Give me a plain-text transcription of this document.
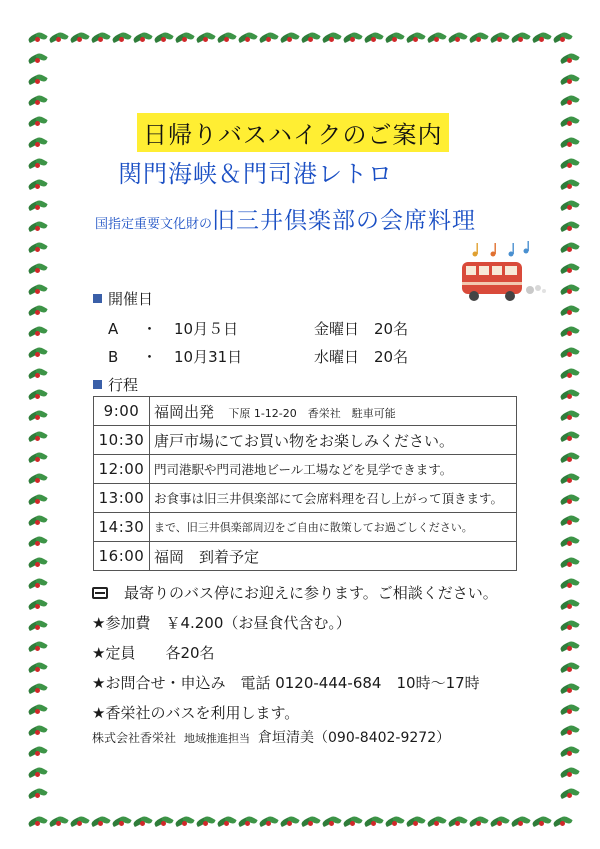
日帰りバスハイクのご案内
関門海峡＆門司港レトロ
国指定重要文化財の旧三井倶楽部の会席料理
開催日
A ・ 10月５日	金曜日 20名
B ・ 10月31日	水曜日 20名
行程
9:00	福岡出発 下原 1-12-20　香栄社　駐車可能
10:30	唐戸市場にてお買い物をお楽しみください。
12:00	門司港駅や門司港地ビール工場などを見学できます。
13:00	お食事は旧三井倶楽部にて会席料理を召し上がって頂きます。
14:30	まで、旧三井倶楽部周辺をご自由に散策してお過ごしください。
16:00	福岡　到着予定
最寄りのバス停にお迎えに参ります。ご相談ください。
★参加費　￥4.200（お昼食代含む。）
★定員　　各20名
★お問合せ・申込み　電話 0120-444-684　10時〜17時
★香栄社のバスを利用します。
株式会社香栄社 地域推進担当 倉垣清美（090-8402-9272）
